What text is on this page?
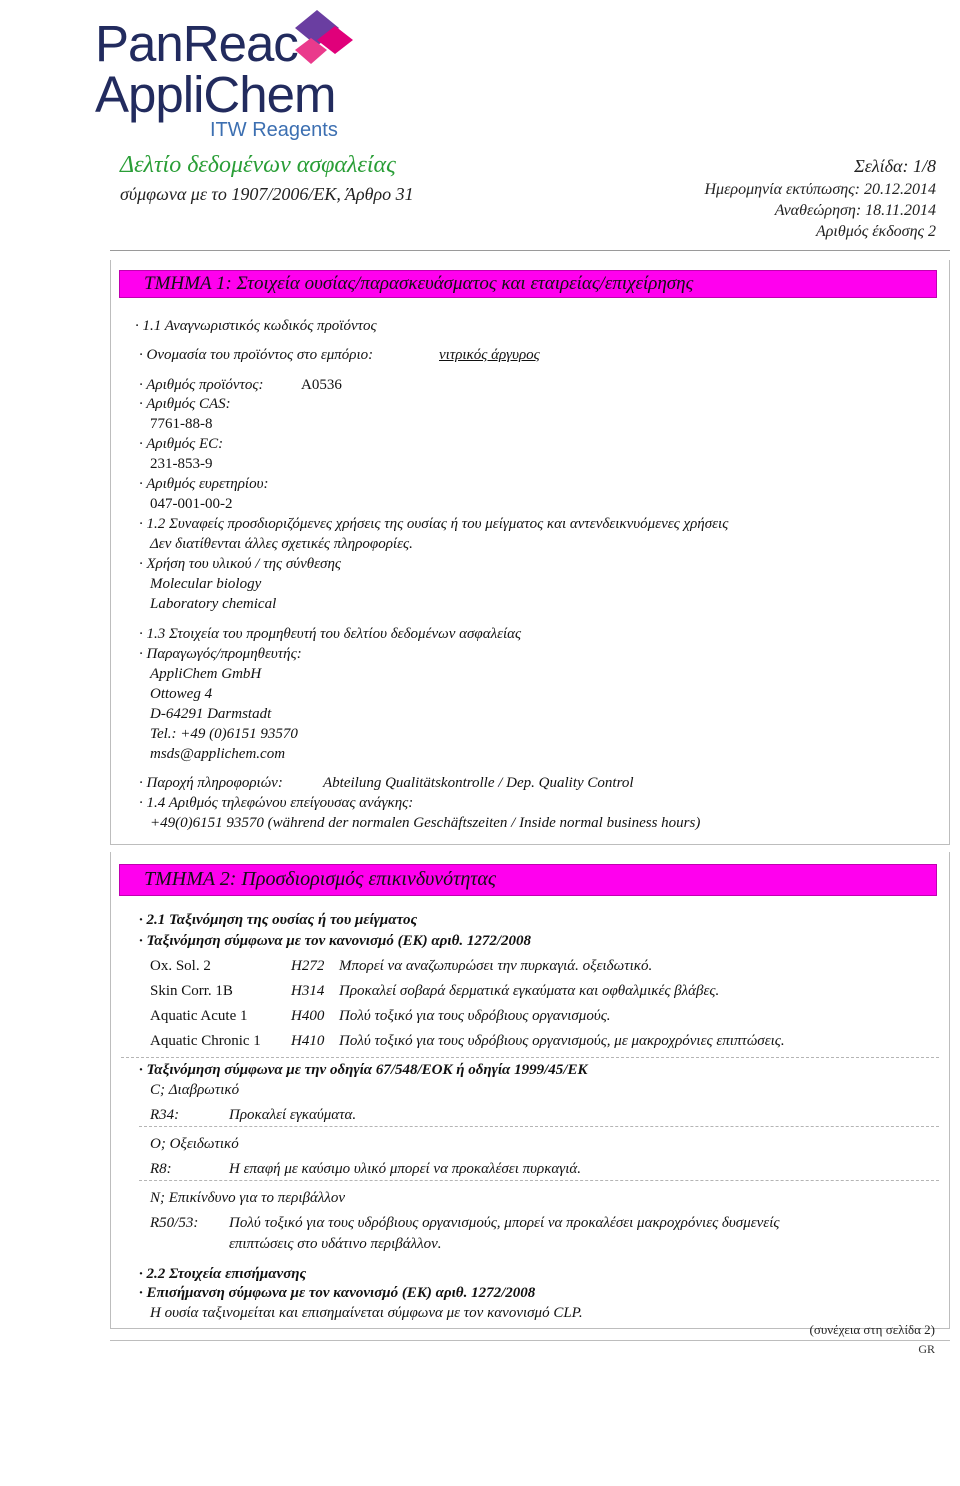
PanReac
AppliChem
ITW Reagents
Δελτίο δεδομένων ασφαλείας
σύμφωνα με το 1907/2006/ΕΚ, Άρθρο 31
Σελίδα: 1/8
Ημερομηνία εκτύπωσης: 20.12.2014
Αναθεώρηση: 18.11.2014
Αριθμός έκδοσης 2
ΤΜΗΜΑ 1: Στοιχεία ουσίας/παρασκευάσματος και εταιρείας/επιχείρησης
· 1.1 Αναγνωριστικός κωδικός προϊόντος
· Ονομασία του προϊόντος στο εμπόριο:	νιτρικός άργυρος
· Αριθμός προϊόντος:	A0536
· Αριθμός CAS:
7761-88-8
· Αριθμός EC:
231-853-9
· Αριθμός ευρετηρίου:
047-001-00-2
· 1.2 Συναφείς προσδιοριζόμενες χρήσεις της ουσίας ή του μείγματος και αντενδεικνυόμενες χρήσεις
Δεν διατίθενται άλλες σχετικές πληροφορίες.
· Χρήση του υλικού / της σύνθεσης
Molecular biology
Laboratory chemical
· 1.3 Στοιχεία του προμηθευτή του δελτίου δεδομένων ασφαλείας
· Παραγωγός/προμηθευτής:
AppliChem GmbH
Ottoweg 4
D-64291 Darmstadt
Tel.: +49 (0)6151 93570
msds@applichem.com
· Παροχή πληροφοριών:	Abteilung Qualitätskontrolle / Dep. Quality Control
· 1.4 Αριθμός τηλεφώνου επείγουσας ανάγκης:
+49(0)6151 93570 (während der normalen Geschäftszeiten / Inside normal business hours)
ΤΜΗΜΑ 2: Προσδιορισμός επικινδυνότητας
· 2.1 Ταξινόμηση της ουσίας ή του μείγματος
· Ταξινόμηση σύμφωνα με τον κανονισμό (ΕΚ) αριθ. 1272/2008
Ox. Sol. 2	H272 Μπορεί να αναζωπυρώσει την πυρκαγιά. οξειδωτικό.
Skin Corr. 1B	H314 Προκαλεί σοβαρά δερματικά εγκαύματα και οφθαλμικές βλάβες.
Aquatic Acute 1	H400 Πολύ τοξικό για τους υδρόβιους οργανισμούς.
Aquatic Chronic 1 H410 Πολύ τοξικό για τους υδρόβιους οργανισμούς, με μακροχρόνιες επιπτώσεις.
· Ταξινόμηση σύμφωνα με την οδηγία 67/548/ΕΟΚ ή οδηγία 1999/45/ΕΚ
C; Διαβρωτικό
R34:	Προκαλεί εγκαύματα.
O; Οξειδωτικό
R8:	Η επαφή με καύσιμο υλικό μπορεί να προκαλέσει πυρκαγιά.
N; Επικίνδυνο για το περιβάλλον
R50/53: Πολύ τοξικό για τους υδρόβιους οργανισμούς, μπορεί να προκαλέσει μακροχρόνιες δυσμενείς
επιπτώσεις στο υδάτινο περιβάλλον.
· 2.2 Στοιχεία επισήμανσης
· Επισήμανση σύμφωνα με τον κανονισμό (ΕΚ) αριθ. 1272/2008
Η ουσία ταξινομείται και επισημαίνεται σύμφωνα με τον κανονισμό CLP.
(συνέχεια στη σελίδα 2)
GR
